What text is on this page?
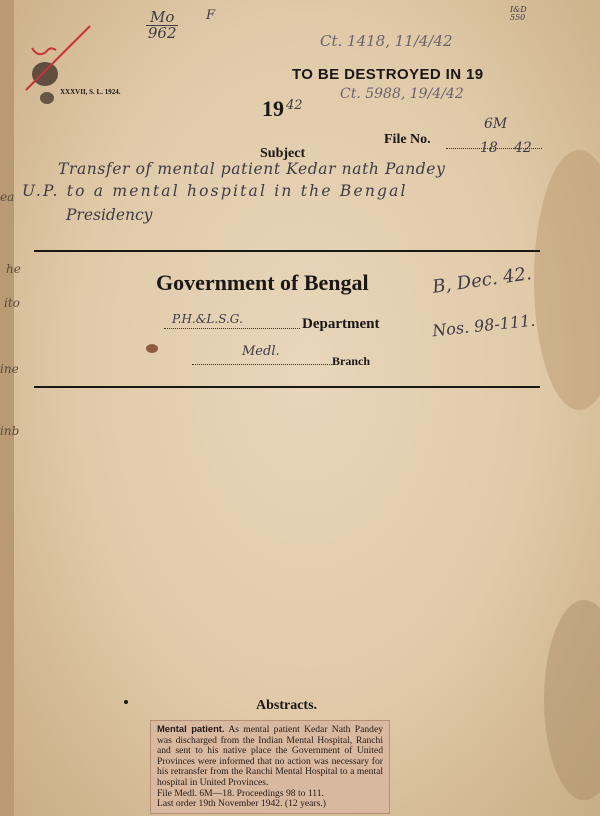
XXXVII, S. L. 1924.
Mo
962
F	I&D 550
Ct. 1418, 11/4/42
Ct. 5988, 19/4/42
TO BE DESTROYED IN 19
19 42
File No.
6M
18 42
Subject
Transfer of mental patient Kedar nath Pandey
U.P. to a mental hospital in the Bengal
Presidency
Government of Bengal
P.H.&L.S.G.	Department
Medl.
Branch
B, Dec. 42.
Nos. 98-111.
Abstracts.
ea
he
ito
ine
inb
Mental patient. As mental patient Kedar Nath Pandey was discharged from the Indian Mental Hospital, Ranchi and sent to his native place the Government of United Provinces were informed that no action was necessary for his retransfer from the Ranchi Mental Hospital to a mental hospital in United Provinces.
File Medl. 6M—18. Proceedings 98 to 111.
Last order 19th November 1942. (12 years.)
